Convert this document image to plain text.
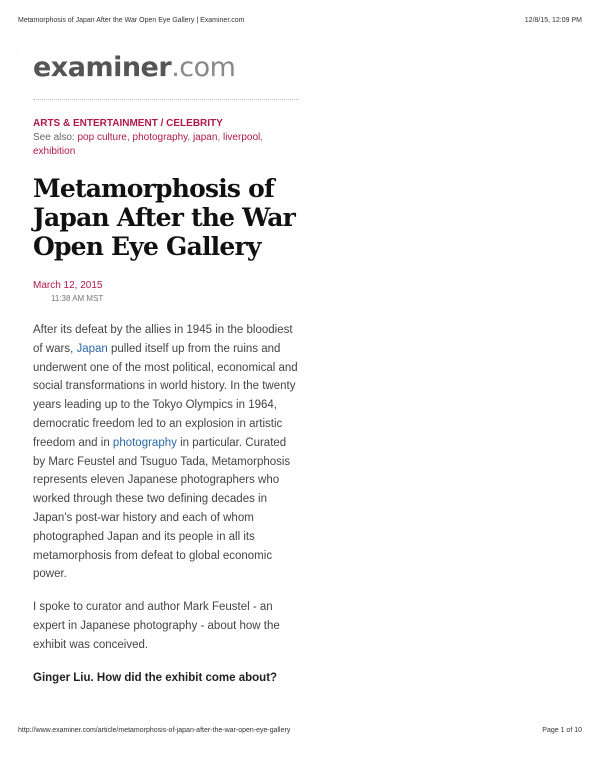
Metamorphosis of Japan After the War Open Eye Gallery | Examiner.com	12/8/15, 12:09 PM
·
examiner.com
ARTS & ENTERTAINMENT / CELEBRITY
See also: pop culture, photography, japan, liverpool,
exhibition
Metamorphosis of Japan After the War Open Eye Gallery
March 12, 2015
11:38 AM MST

After its defeat by the allies in 1945 in the bloodiest of wars, Japan pulled itself up from the ruins and underwent one of the most political, economical and social transformations in world history. In the twenty years leading up to the Tokyo Olympics in 1964, democratic freedom led to an explosion in artistic freedom and in photography in particular. Curated by Marc Feustel and Tsuguo Tada, Metamorphosis represents eleven Japanese photographers who worked through these two defining decades in Japan's post-war history and each of whom photographed Japan and its people in all its metamorphosis from defeat to global economic power.

I spoke to curator and author Mark Feustel - an expert in Japanese photography - about how the exhibit was conceived.

Ginger Liu. How did the exhibit come about?

http://www.examiner.com/article/metamorphosis-of-japan-after-the-war-open-eye-gallery	Page 1 of 10
